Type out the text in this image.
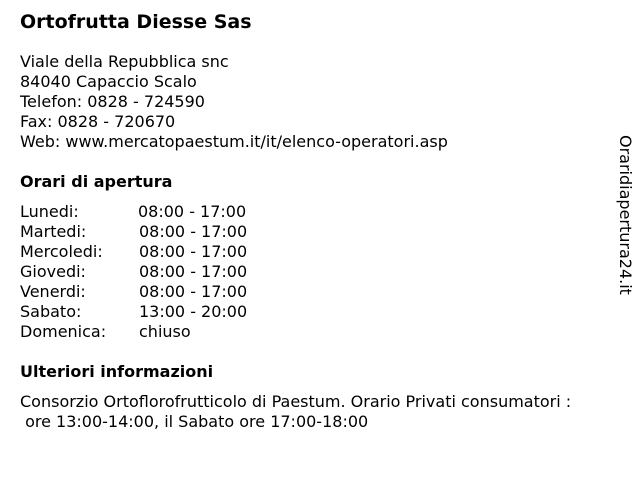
Ortofrutta Diesse Sas
Viale della Repubblica snc
84040 Capaccio Scalo
Telefon: 0828 - 724590
Fax: 0828 - 720670
Web: www.mercatopaestum.it/it/elenco-operatori.asp
Orari di apertura
Lunedi:	08:00 - 17:00
Martedi:	08:00 - 17:00
Mercoledi: 08:00 - 17:00
Giovedi:	08:00 - 17:00
Venerdi:	08:00 - 17:00
Sabato:	13:00 - 20:00
Domenica: chiuso
Ulteriori informazioni
Consorzio Ortoflorofrutticolo di Paestum. Orario Privati consumatori :
ore 13:00-14:00, il Sabato ore 17:00-18:00
Oraridiapertura24.it
